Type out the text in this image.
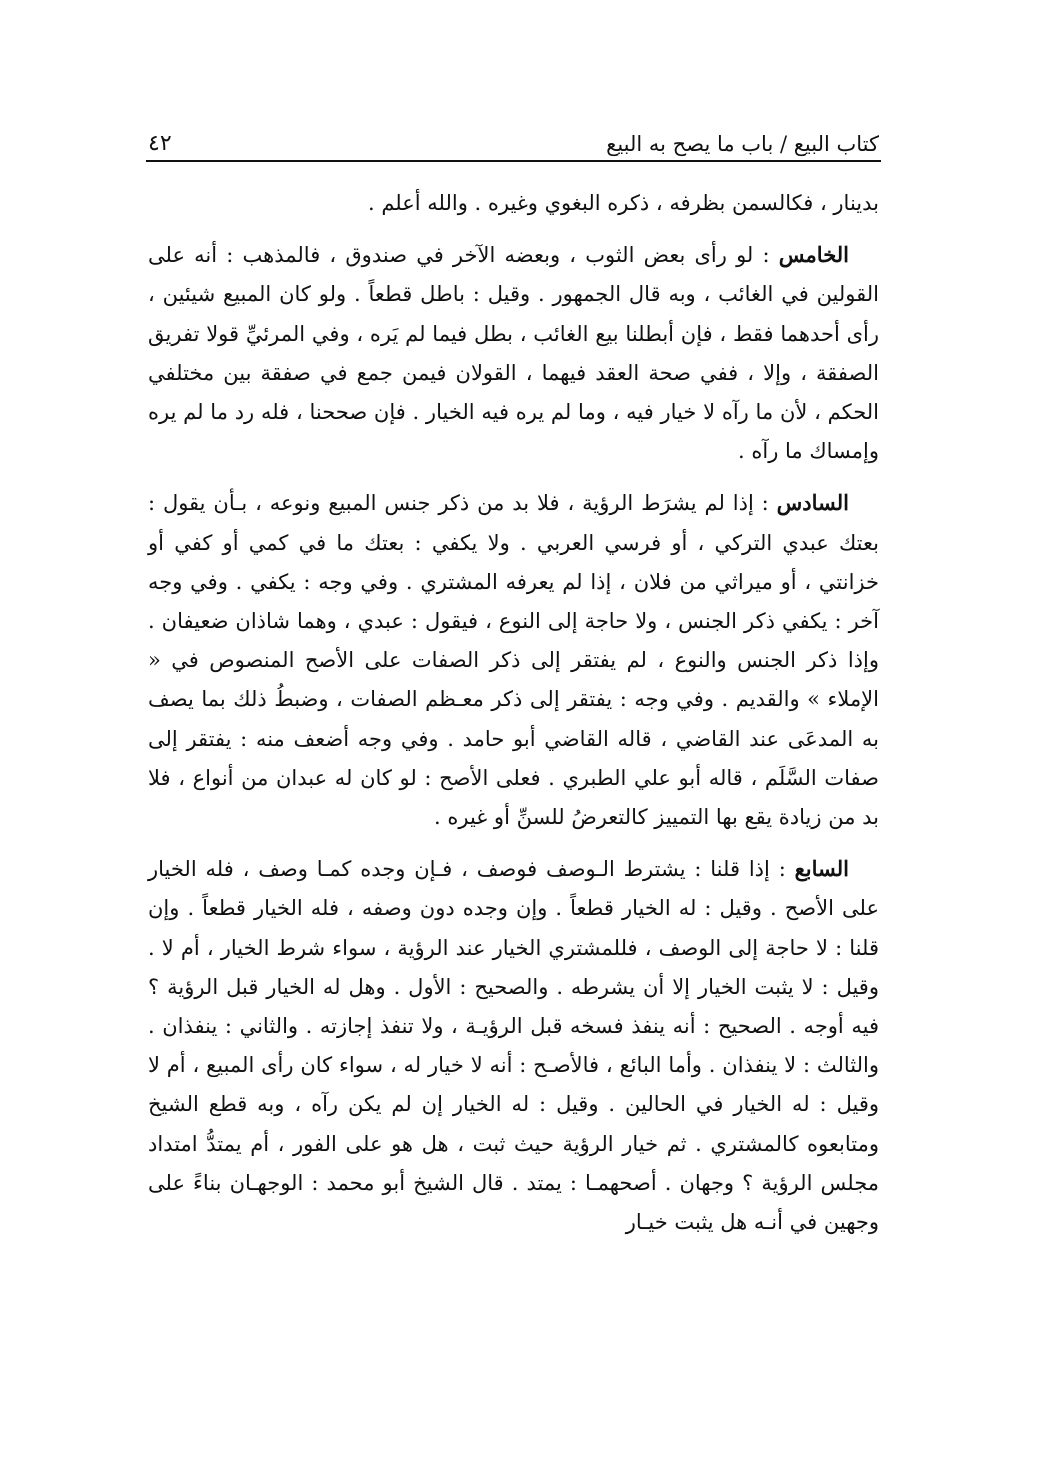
كتاب البيع / باب ما يصح به البيع
٤٢

بدينار ، فكالسمن بظرفه ، ذكره البغوي وغيره . والله أعلم .

الخامس : لو رأى بعض الثوب ، وبعضه الآخر في صندوق ، فالمذهب : أنه على القولين في الغائب ، وبه قال الجمهور . وقيل : باطل قطعاً . ولو كان المبيع شيئين ، رأى أحدهما فقط ، فإن أبطلنا بيع الغائب ، بطل فيما لم يَره ، وفي المرئيِّ قولا تفريق الصفقة ، وإلا ، ففي صحة العقد فيهما ، القولان فيمن جمع في صفقة بين مختلفي الحكم ، لأن ما رآه لا خيار فيه ، وما لم يره فيه الخيار . فإن صححنا ، فله رد ما لم يره وإمساك ما رآه .

السادس : إذا لم يشرَط الرؤية ، فلا بد من ذكر جنس المبيع ونوعه ، بـأن يقول : بعتك عبدي التركي ، أو فرسي العربي . ولا يكفي : بعتك ما في كمي أو كفي أو خزانتي ، أو ميراثي من فلان ، إذا لم يعرفه المشتري . وفي وجه : يكفي . وفي وجه آخر : يكفي ذكر الجنس ، ولا حاجة إلى النوع ، فيقول : عبدي ، وهما شاذان ضعيفان . وإذا ذكر الجنس والنوع ، لم يفتقر إلى ذكر الصفات على الأصح المنصوص في « الإملاء » والقديم . وفي وجه : يفتقر إلى ذكر معـظم الصفات ، وضبطُ ذلك بما يصف به المدعَى عند القاضي ، قاله القاضي أبو حامد . وفي وجه أضعف منه : يفتقر إلى صفات السَّلَم ، قاله أبو علي الطبري . فعلى الأصح : لو كان له عبدان من أنواع ، فلا بد من زيادة يقع بها التمييز كالتعرضُ للسنِّ أو غيره .

السابع : إذا قلنا : يشترط الـوصف فوصف ، فـإن وجده كمـا وصف ، فله الخيار على الأصح . وقيل : له الخيار قطعاً . وإن وجده دون وصفه ، فله الخيار قطعاً . وإن قلنا : لا حاجة إلى الوصف ، فللمشتري الخيار عند الرؤية ، سواء شرط الخيار ، أم لا . وقيل : لا يثبت الخيار إلا أن يشرطه . والصحيح : الأول . وهل له الخيار قبل الرؤية ؟ فيه أوجه . الصحيح : أنه ينفذ فسخه قبل الرؤيـة ، ولا تنفذ إجازته . والثاني : ينفذان . والثالث : لا ينفذان . وأما البائع ، فالأصـح : أنه لا خيار له ، سواء كان رأى المبيع ، أم لا وقيل : له الخيار في الحالين . وقيل : له الخيار إن لم يكن رآه ، وبه قطع الشيخ ومتابعوه كالمشتري . ثم خيار الرؤية حيث ثبت ، هل هو على الفور ، أم يمتدُّ امتداد مجلس الرؤية ؟ وجهان . أصحهمـا : يمتد . قال الشيخ أبو محمد : الوجهـان بناءً على وجهين في أنـه هل يثبت خيـار
